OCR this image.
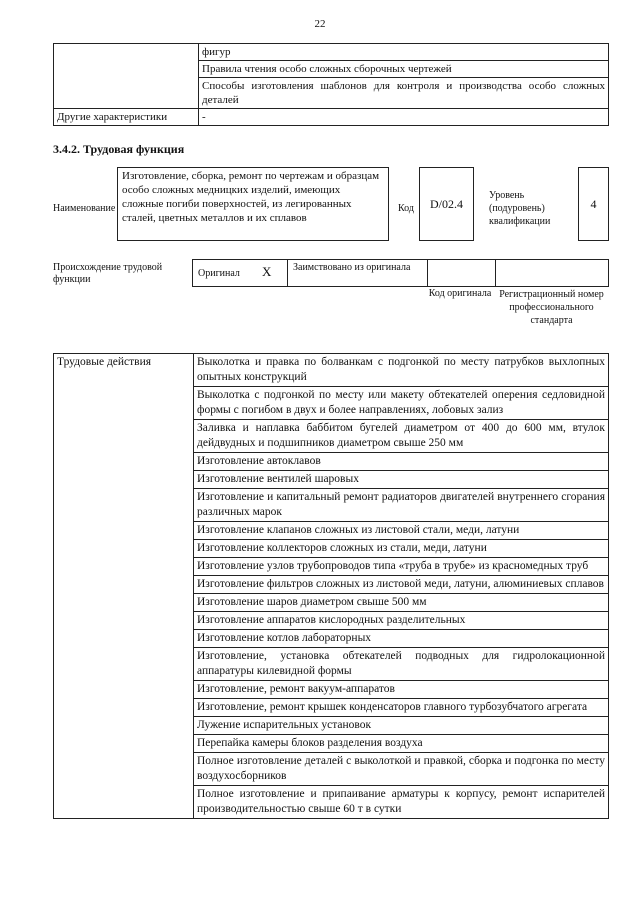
22
	фигур
	Правила чтения особо сложных сборочных чертежей
	Способы изготовления шаблонов для контроля и производства особо сложных деталей
Другие характеристики	-
3.4.2. Трудовая функция
Наименование
Изготовление, сборка, ремонт по чертежам и образцам особо сложных медницких изделий, имеющих сложные погиби поверхностей, из легированных сталей, цветных металлов и их сплавов
Код	D/02.4
Уровень (подуровень) квалификации
4
Происхождение трудовой функции
Оригинал X Заимствовано из оригинала
Код оригинала Регистрационный номер профессионального стандарта
Трудовые действия	Выколотка и правка по болванкам с подгонкой по месту патрубков выхлопных опытных конструкций
Выколотка с подгонкой по месту или макету обтекателей оперения седловидной формы с погибом в двух и более направлениях, лобовых зализ
Заливка и наплавка баббитом бугелей диаметром от 400 до 600 мм, втулок дейдвудных и подшипников диаметром свыше 250 мм
Изготовление автоклавов
Изготовление вентилей шаровых
Изготовление и капитальный ремонт радиаторов двигателей внутреннего сгорания различных марок
Изготовление клапанов сложных из листовой стали, меди, латуни
Изготовление коллекторов сложных из стали, меди, латуни
Изготовление узлов трубопроводов типа «труба в трубе» из красномедных труб
Изготовление фильтров сложных из листовой меди, латуни, алюминиевых сплавов
Изготовление шаров диаметром свыше 500 мм
Изготовление аппаратов кислородных разделительных
Изготовление котлов лабораторных
Изготовление, установка обтекателей подводных для гидролокационной аппаратуры килевидной формы
Изготовление, ремонт вакуум-аппаратов
Изготовление, ремонт крышек конденсаторов главного турбозубчатого агрегата
Лужение испарительных установок
Перепайка камеры блоков разделения воздуха
Полное изготовление деталей с выколоткой и правкой, сборка и подгонка по месту воздухосборников
Полное изготовление и припаивание арматуры к корпусу, ремонт испарителей производительностью свыше 60 т в сутки
